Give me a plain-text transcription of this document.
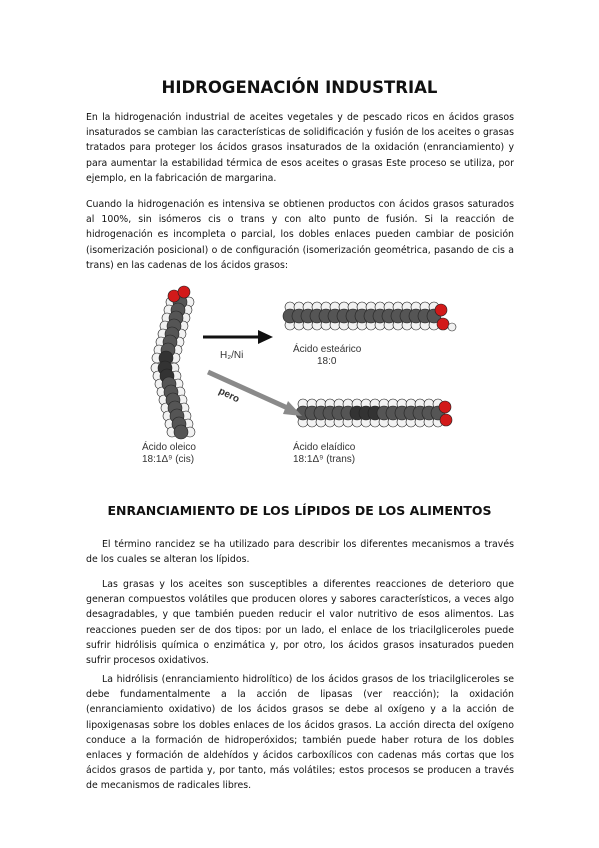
HIDROGENACIÓN INDUSTRIAL

En la hidrogenación industrial de aceites vegetales y de pescado ricos en ácidos grasos insaturados se cambian las características de solidificación y fusión de los aceites o grasas tratados para proteger los ácidos grasos insaturados de la oxidación (enranciamiento) y para aumentar la estabilidad térmica de esos aceites o grasas Este proceso se utiliza, por ejemplo, en la fabricación de margarina.

Cuando la hidrogenación es intensiva se obtienen productos con ácidos grasos saturados al 100%, sin isómeros cis o trans y con alto punto de fusión. Si la reacción de hidrogenación es incompleta o parcial, los dobles enlaces pueden cambiar de posición (isomerización posicional) o de configuración (isomerización geométrica, pasando de cis a trans) en las cadenas de los ácidos grasos:

H₂/Ni
pero
Ácido esteárico
18:0
Ácido oleico
18:1Δ⁹ (cis)
Ácido elaídico
18:1Δ⁹ (trans)
ENRANCIAMIENTO DE LOS LÍPIDOS DE LOS ALIMENTOS

El término rancidez se ha utilizado para describir los diferentes mecanismos a través de los cuales se alteran los lípidos.

Las grasas y los aceites son susceptibles a diferentes reacciones de deterioro que generan compuestos volátiles que producen olores y sabores característicos, a veces algo desagradables, y que también pueden reducir el valor nutritivo de esos alimentos. Las reacciones pueden ser de dos tipos: por un lado, el enlace de los triacilgliceroles puede sufrir hidrólisis química o enzimática y, por otro, los ácidos grasos insaturados pueden sufrir procesos oxidativos.

La hidrólisis (enranciamiento hidrolítico) de los ácidos grasos de los triacilgliceroles se debe fundamentalmente a la acción de lipasas (ver reacción); la oxidación (enranciamiento oxidativo) de los ácidos grasos se debe al oxígeno y a la acción de lipoxigenasas sobre los dobles enlaces de los ácidos grasos. La acción directa del oxígeno conduce a la formación de hidroperóxidos; también puede haber rotura de los dobles enlaces y formación de aldehídos y ácidos carboxílicos con cadenas más cortas que los ácidos grasos de partida y, por tanto, más volátiles; estos procesos se producen a través de mecanismos de radicales libres.
